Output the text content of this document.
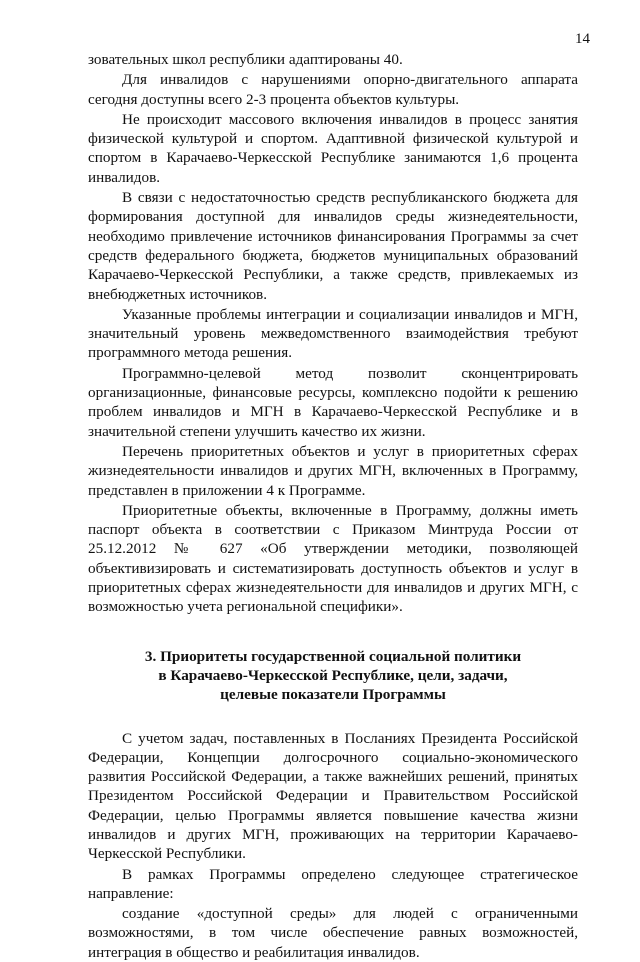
14

зовательных школ республики адаптированы 40.

Для инвалидов с нарушениями опорно-двигательного аппарата сегодня доступны всего 2-3 процента объектов культуры.

Не происходит массового включения инвалидов в процесс занятия физической культурой и спортом. Адаптивной физической культурой и спортом в Карачаево-Черкесской Республике занимаются 1,6 процента инвалидов.

В связи с недостаточностью средств республиканского бюджета для формирования доступной для инвалидов среды жизнедеятельности, необходимо привлечение источников финансирования Программы за счет средств федерального бюджета, бюджетов муниципальных образований Карачаево-Черкесской Республики, а также средств, привлекаемых из внебюджетных источников.

Указанные проблемы интеграции и социализации инвалидов и МГН, значительный уровень межведомственного взаимодействия требуют программного метода решения.

Программно-целевой метод позволит сконцентрировать организационные, финансовые ресурсы, комплексно подойти к решению проблем инвалидов и МГН в Карачаево-Черкесской Республике и в значительной степени улучшить качество их жизни.

Перечень приоритетных объектов и услуг в приоритетных сферах жизнедеятельности инвалидов и других МГН, включенных в Программу, представлен в приложении 4 к Программе.

Приоритетные объекты, включенные в Программу, должны иметь паспорт объекта в соответствии с Приказом Минтруда России от 25.12.2012 № 627 «Об утверждении методики, позволяющей объективизировать и систематизировать доступность объектов и услуг в приоритетных сферах жизнедеятельности для инвалидов и других МГН, с возможностью учета региональной специфики».

3. Приоритеты государственной социальной политики
в Карачаево-Черкесской Республике, цели, задачи,
целевые показатели Программы

С учетом задач, поставленных в Посланиях Президента Российской Федерации, Концепции долгосрочного социально-экономического развития Российской Федерации, а также важнейших решений, принятых Президентом Российской Федерации и Правительством Российской Федерации, целью Программы является повышение качества жизни инвалидов и других МГН, проживающих на территории Карачаево-Черкесской Республики.

В рамках Программы определено следующее стратегическое направление:

создание «доступной среды» для людей с ограниченными возможностями, в том числе обеспечение равных возможностей, интеграция в общество и реабилитация инвалидов.
